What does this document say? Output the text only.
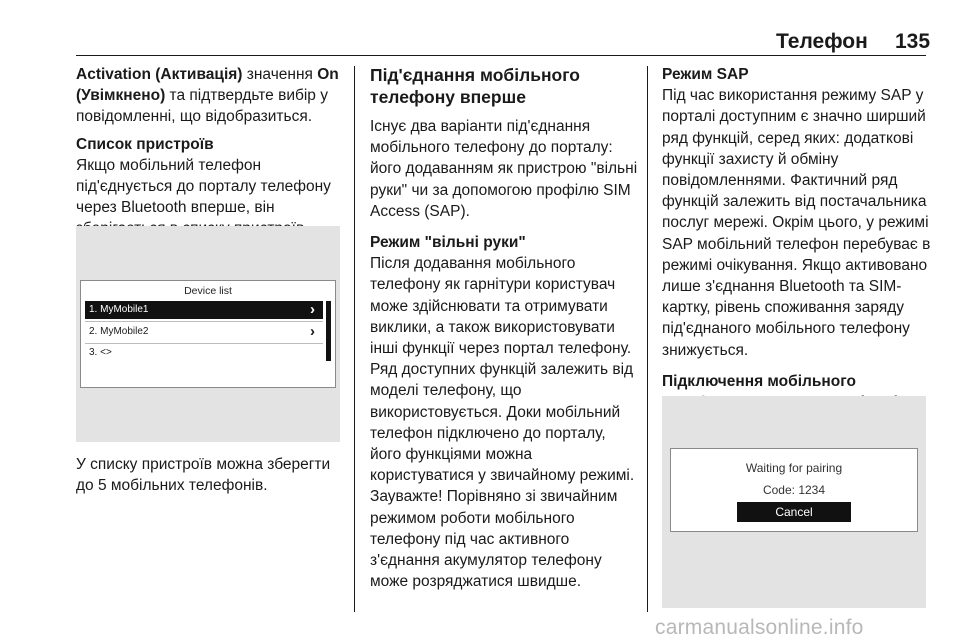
Телефон 135

Activation (Активація) значення On (Увімкнено) та підтвердьте вибір у повідомленні, що відобразиться.

Список пристроїв

Якщо мобільний телефон під'єднується до порталу телефону через Bluetooth вперше, він

Device list
1. MyMobile1	›
2. MyMobile2	›
3. <>

У списку пристроїв можна зберегти до 5 мобільних телефонів.

Під'єднання мобільного телефону вперше

Існує два варіанти під'єднання мобільного телефону до порталу: його додаванням як пристрою "вільні руки" чи за допомогою профілю SIM Access (SAP).

Режим "вільні руки"

Після додавання мобільного телефону як гарнітури користувач може здійснювати та отримувати виклики, а також використовувати інші функції через портал телефону. Ряд доступних функцій залежить від моделі телефону, що використовується. Доки мобільний телефон підключено до порталу, його функціями можна користуватися у звичайному режимі. Зауважте! Порівняно зі звичайним режимом роботи мобільного телефону під час активного з'єднання акумулятор телефону може розряджатися швидше.

Режим SAP

Під час використання режиму SAP у порталі доступним є значно ширший ряд функцій, серед яких: додаткові функції захисту й обміну повідомленнями. Фактичний ряд функцій залежить від постачальника послуг мережі. Окрім цього, у режимі SAP мобільний телефон перебуває в режимі очікування. Якщо активовано лише з'єднання Bluetooth та SIM-картку, рівень споживання заряду під'єднаного мобільного телефону знижується.

Підключення мобільного

Waiting for pairing
Code: 1234
Cancel
carmanualsonline.info
